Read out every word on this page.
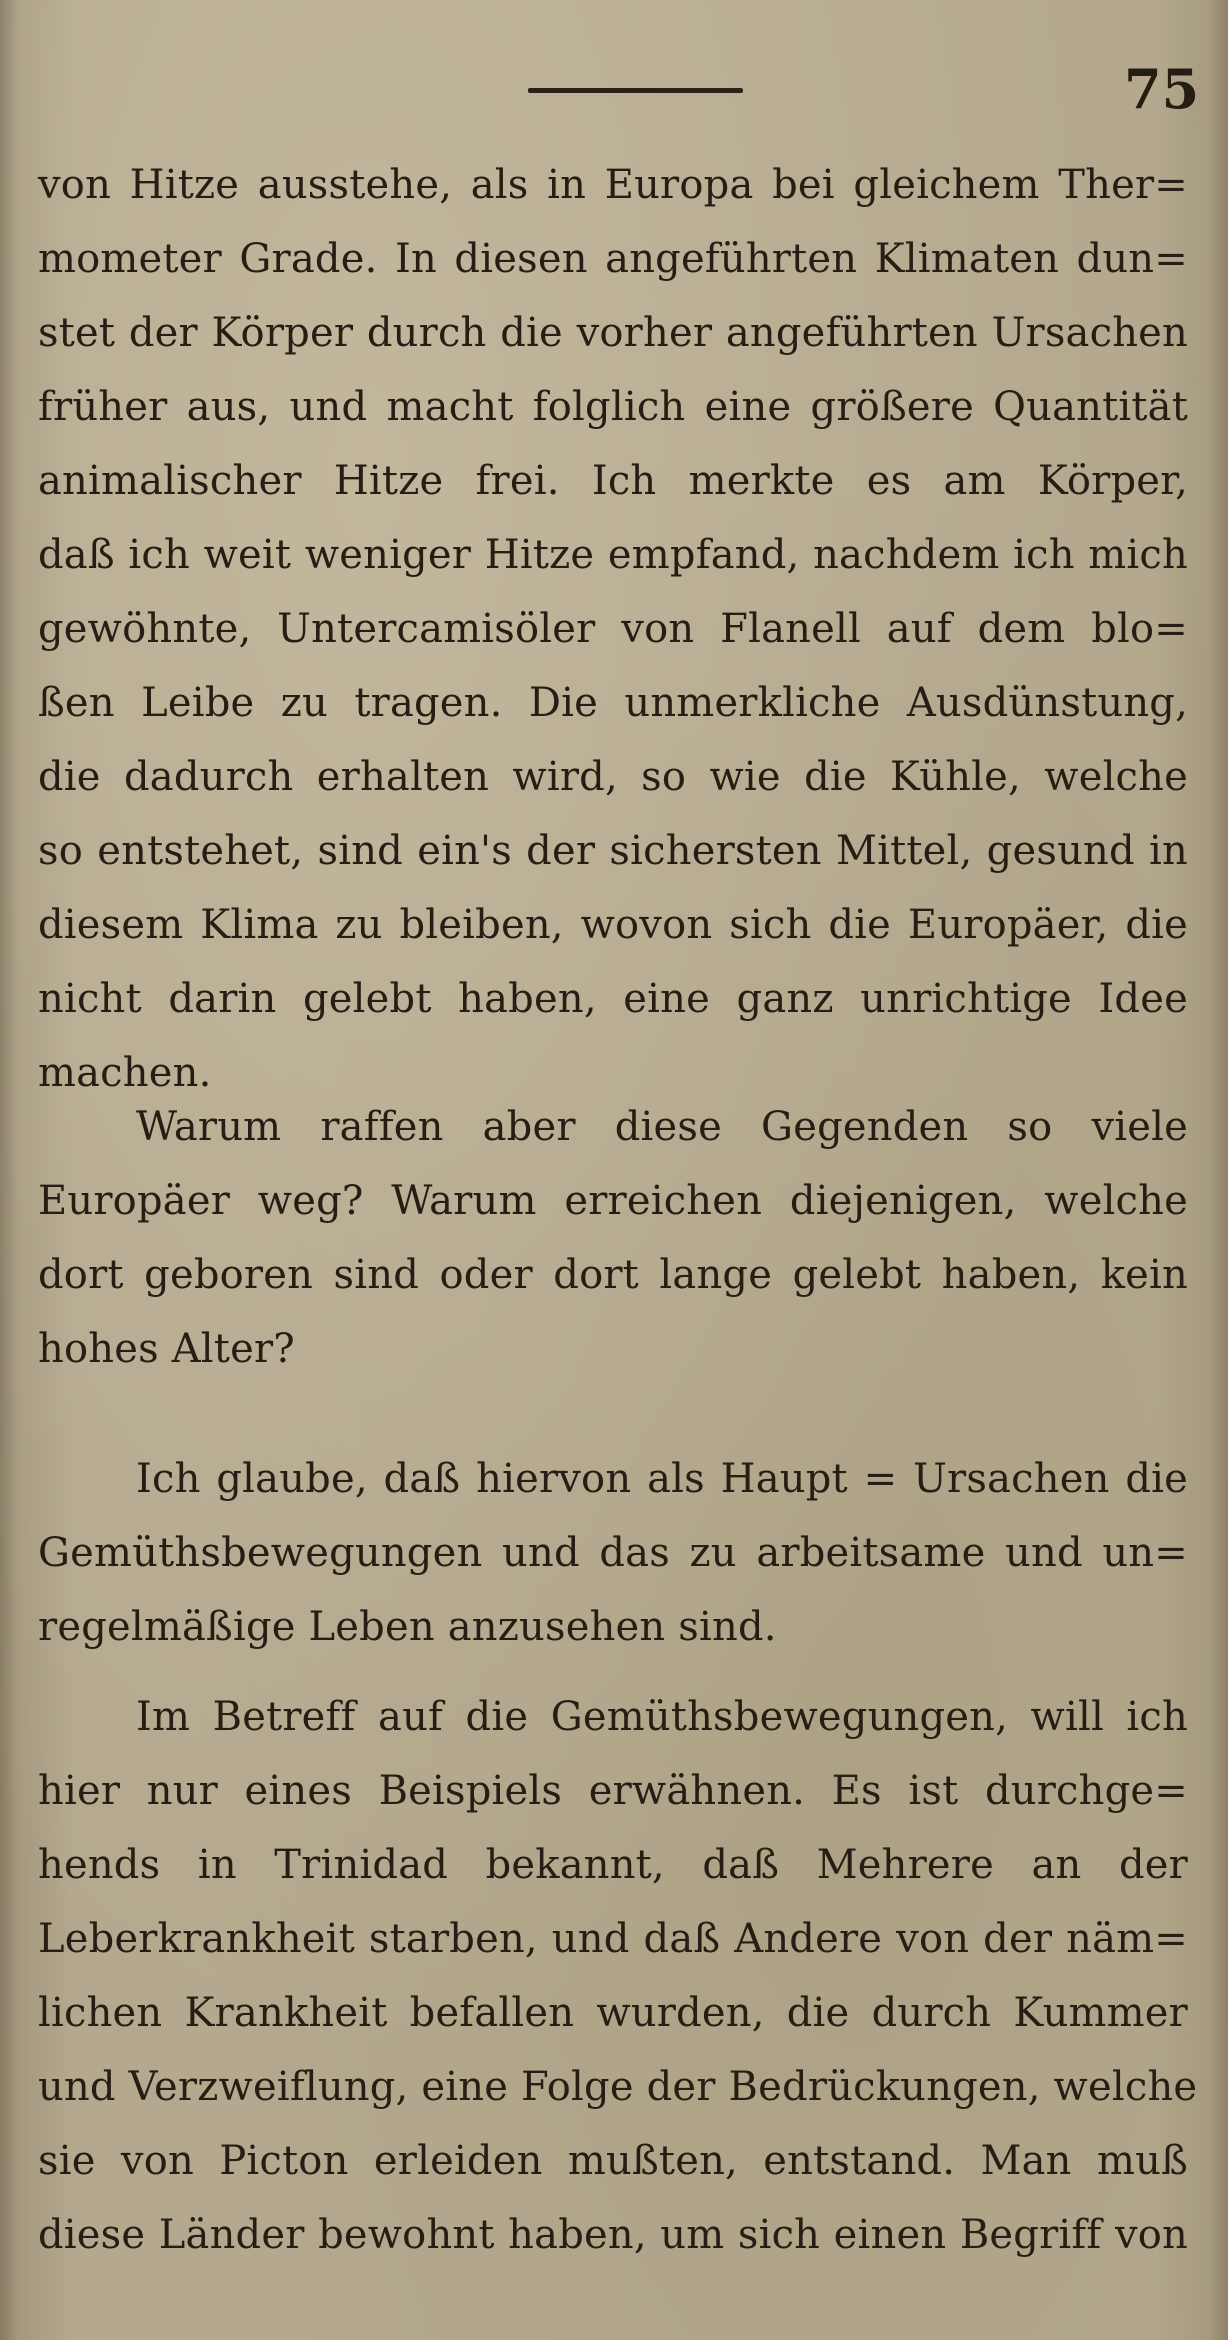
75
von Hitze ausstehe, als in Europa bei gleichem Ther=
mometer Grade. In diesen angeführten Klimaten dun=
stet der Körper durch die vorher angeführten Ursachen
früher aus, und macht folglich eine größere Quantität
animalischer Hitze frei. Ich merkte es am Körper,
daß ich weit weniger Hitze empfand, nachdem ich mich
gewöhnte, Untercamisöler von Flanell auf dem blo=
ßen Leibe zu tragen. Die unmerkliche Ausdünstung,
die dadurch erhalten wird, so wie die Kühle, welche
so entstehet, sind ein's der sichersten Mittel, gesund in
diesem Klima zu bleiben, wovon sich die Europäer, die
nicht darin gelebt haben, eine ganz unrichtige Idee
machen.
Warum raffen aber diese Gegenden so viele
Europäer weg? Warum erreichen diejenigen, welche
dort geboren sind oder dort lange gelebt haben, kein
hohes Alter?
Ich glaube, daß hiervon als Haupt = Ursachen die
Gemüthsbewegungen und das zu arbeitsame und un=
regelmäßige Leben anzusehen sind.
Im Betreff auf die Gemüthsbewegungen, will ich
hier nur eines Beispiels erwähnen. Es ist durchge=
hends in Trinidad bekannt, daß Mehrere an der
Leberkrankheit starben, und daß Andere von der näm=
lichen Krankheit befallen wurden, die durch Kummer
und Verzweiflung, eine Folge der Bedrückungen, welche
sie von Picton erleiden mußten, entstand. Man muß
diese Länder bewohnt haben, um sich einen Begriff von
